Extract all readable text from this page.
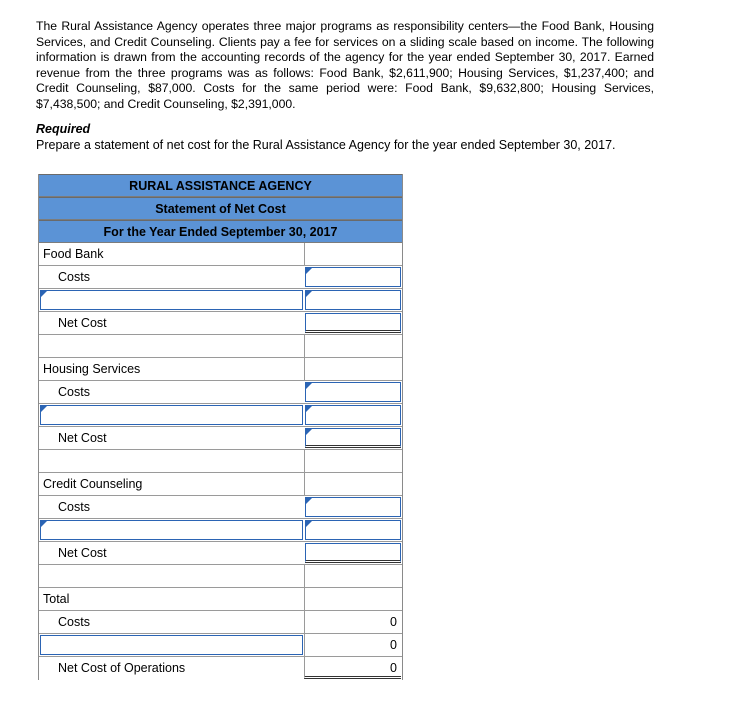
The Rural Assistance Agency operates three major programs as responsibility centers—the Food Bank, Housing Services, and Credit Counseling. Clients pay a fee for services on a sliding scale based on income. The following information is drawn from the accounting records of the agency for the year ended September 30, 2017. Earned revenue from the three programs was as follows: Food Bank, $2,611,900; Housing Services, $1,237,400; and Credit Counseling, $87,000. Costs for the same period were: Food Bank, $9,632,800; Housing Services, $7,438,500; and Credit Counseling, $2,391,000.
Required
Prepare a statement of net cost for the Rural Assistance Agency for the year ended September 30, 2017.
RURAL ASSISTANCE AGENCY
Statement of Net Cost
For the Year Ended September 30, 2017
Food Bank
Costs
Net Cost
Housing Services
Costs
Net Cost
Credit Counseling
Costs
Net Cost
Total
Costs	0
0
Net Cost of Operations	0
